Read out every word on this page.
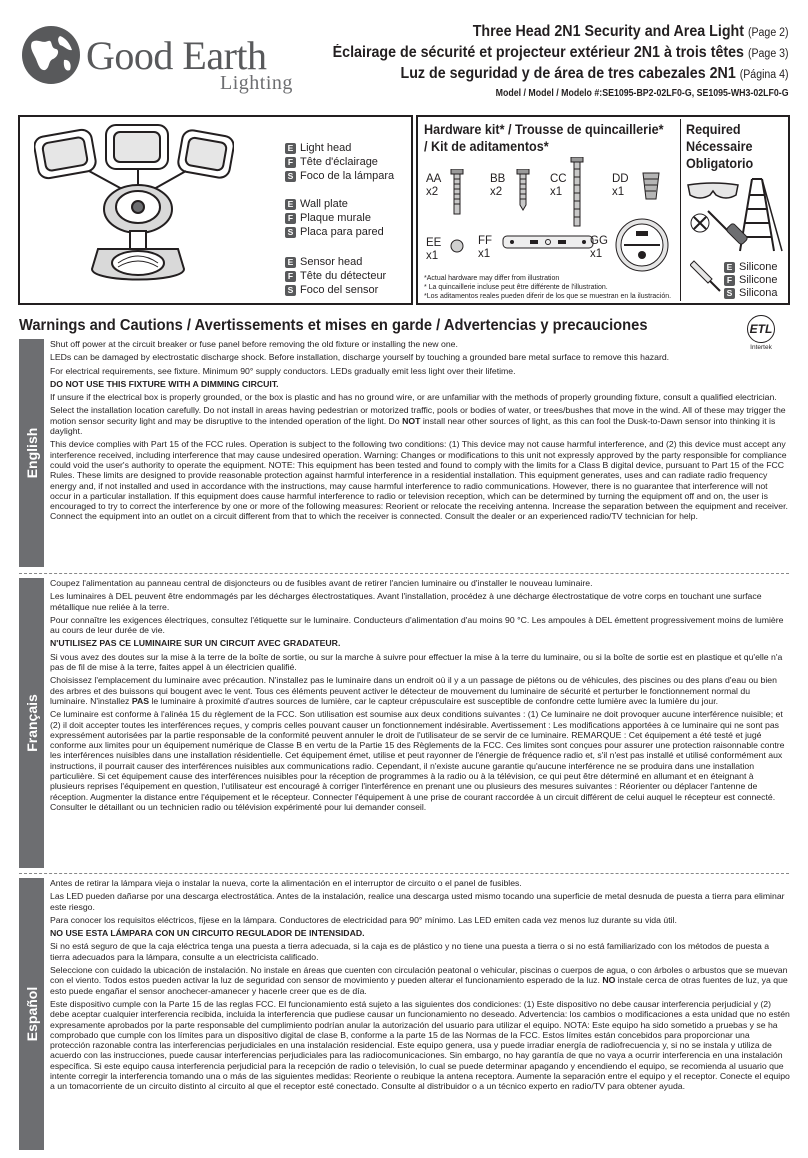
Good Earth
Lighting
Three Head 2N1 Security and Area Light (Page 2)
Éclairage de sécurité et projecteur extérieur 2N1 à trois têtes (Page 3)
Luz de seguridad y de área de tres cabezales 2N1 (Página 4)
Model / Model / Modelo #:SE1095-BP2-02LF0-G, SE1095-WH3-02LF0-G
E Light head
F Tête d'éclairage
S Foco de la lámpara
E Wall plate
F Plaque murale
S Placa para pared
E Sensor head
F Tête du détecteur
S Foco del sensor
Hardware kit* / Trousse de quincaillerie*
/ Kit de aditamentos*
AA
x2
BB
x2
CC
x1
DD
x1
EE
x1
FF
x1
GG
x1
*Actual hardware may differ from illustration
* La quincaillerie incluse peut être différente de l'illustration.
*Los aditamentos reales pueden diferir de los que se muestran en la ilustración.
Required
Nécessaire
Obligatorio
E Silicone
F Silicone
S Silicona
Warnings and Cautions / Avertissements et mises en garde / Advertencias y precauciones	ETL
Intertek
English

Shut off power at the circuit breaker or fuse panel before removing the old fixture or installing the new one.

LEDs can be damaged by electrostatic discharge shock. Before installation, discharge yourself by touching a grounded bare metal surface to remove this hazard.

For electrical requirements, see fixture. Minimum 90° supply conductors. LEDs gradually emit less light over their lifetime.

DO NOT USE THIS FIXTURE WITH A DIMMING CIRCUIT.

If unsure if the electrical box is properly grounded, or the box is plastic and has no ground wire, or are unfamiliar with the methods of properly grounding fixture, consult a qualified electrician.

Select the installation location carefully. Do not install in areas having pedestrian or motorized traffic, pools or bodies of water, or trees/bushes that move in the wind. All of these may trigger the motion sensor security light and may be disruptive to the intended operation of the light. Do NOT install near other sources of light, as this can fool the Dusk-to-Dawn sensor into thinking it is daylight.

This device complies with Part 15 of the FCC rules. Operation is subject to the following two conditions: (1) This device may not cause harmful interference, and (2) this device must accept any interference received, including interference that may cause undesired operation. Warning: Changes or modifications to this unit not expressly approved by the party responsible for compliance could void the user's authority to operate the equipment. NOTE: This equipment has been tested and found to comply with the limits for a Class B digital device, pursuant to Part 15 of the FCC Rules. These limits are designed to provide reasonable protection against harmful interference in a residential installation. This equipment generates, uses and can radiate radio frequency energy and, if not installed and used in accordance with the instructions, may cause harmful interference to radio communications. However, there is no guarantee that interference will not occur in a particular installation. If this equipment does cause harmful interference to radio or television reception, which can be determined by turning the equipment off and on, the user is encouraged to try to correct the interference by one or more of the following measures: Reorient or relocate the receiving antenna. Increase the separation between the equipment and receiver. Connect the equipment into an outlet on a circuit different from that to which the receiver is connected. Consult the dealer or an experienced radio/TV technician for help.

Français

Coupez l'alimentation au panneau central de disjoncteurs ou de fusibles avant de retirer l'ancien luminaire ou d'installer le nouveau luminaire.

Les luminaires à DEL peuvent être endommagés par les décharges électrostatiques. Avant l'installation, procédez à une décharge électrostatique de votre corps en touchant une surface métallique nue reliée à la terre.

Pour connaître les exigences électriques, consultez l'étiquette sur le luminaire. Conducteurs d'alimentation d'au moins 90 °C. Les ampoules à DEL émettent progressivement moins de lumière au cours de leur durée de vie.

N'UTILISEZ PAS CE LUMINAIRE SUR UN CIRCUIT AVEC GRADATEUR.

Si vous avez des doutes sur la mise à la terre de la boîte de sortie, ou sur la marche à suivre pour effectuer la mise à la terre du luminaire, ou si la boîte de sortie est en plastique et qu'elle n'a pas de fil de mise à la terre, faites appel à un électricien qualifié.

Choisissez l'emplacement du luminaire avec précaution. N'installez pas le luminaire dans un endroit où il y a un passage de piétons ou de véhicules, des piscines ou des plans d'eau ou bien des arbres et des buissons qui bougent avec le vent. Tous ces éléments peuvent activer le détecteur de mouvement du luminaire de sécurité et perturber le fonctionnement normal du luminaire. N'installez PAS le luminaire à proximité d'autres sources de lumière, car le capteur crépusculaire est susceptible de confondre cette lumière avec la lumière du jour.

Ce luminaire est conforme à l'alinéa 15 du règlement de la FCC. Son utilisation est soumise aux deux conditions suivantes : (1) Ce luminaire ne doit provoquer aucune interférence nuisible; et (2) il doit accepter toutes les interférences reçues, y compris celles pouvant causer un fonctionnement indésirable. Avertissement : Les modifications apportées à ce luminaire qui ne sont pas expressément autorisées par la partie responsable de la conformité peuvent annuler le droit de l'utilisateur de se servir de ce luminaire. REMARQUE : Cet équipement a été testé et jugé conforme aux limites pour un équipement numérique de Classe B en vertu de la Partie 15 des Règlements de la FCC. Ces limites sont conçues pour assurer une protection raisonnable contre les interférences nuisibles dans une installation résidentielle. Cet équipement émet, utilise et peut rayonner de l'énergie de fréquence radio et, s'il n'est pas installé et utilisé conformément aux instructions, il pourrait causer des interférences nuisibles aux communications radio. Cependant, il n'existe aucune garantie qu'aucune interférence ne se produira dans une installation particulière. Si cet équipement cause des interférences nuisibles pour la réception de programmes à la radio ou à la télévision, ce qui peut être déterminé en allumant et en éteignant à plusieurs reprises l'équipement en question, l'utilisateur est encouragé à corriger l'interférence en prenant une ou plusieurs des mesures suivantes : Réorienter ou déplacer l'antenne de réception. Augmenter la distance entre l'équipement et le récepteur. Connecter l'équipement à une prise de courant raccordée à un circuit différent de celui auquel le récepteur est connecté. Consulter le détaillant ou un technicien radio ou télévision expérimenté pour lui demander conseil.

Español

Antes de retirar la lámpara vieja o instalar la nueva, corte la alimentación en el interruptor de circuito o el panel de fusibles.

Las LED pueden dañarse por una descarga electrostática. Antes de la instalación, realice una descarga usted mismo tocando una superficie de metal desnuda de puesta a tierra para eliminar este riesgo.

Para conocer los requisitos eléctricos, fíjese en la lámpara. Conductores de electricidad para 90° mínimo. Las LED emiten cada vez menos luz durante su vida útil.

NO USE ESTA LÁMPARA CON UN CIRCUITO REGULADOR DE INTENSIDAD.

Si no está seguro de que la caja eléctrica tenga una puesta a tierra adecuada, si la caja es de plástico y no tiene una puesta a tierra o si no está familiarizado con los métodos de puesta a tierra adecuados para la lámpara, consulte a un electricista calificado.

Seleccione con cuidado la ubicación de instalación. No instale en áreas que cuenten con circulación peatonal o vehicular, piscinas o cuerpos de agua, o con árboles o arbustos que se muevan con el viento. Todos estos pueden activar la luz de seguridad con sensor de movimiento y pueden alterar el funcionamiento esperado de la luz. NO instale cerca de otras fuentes de luz, ya que esto puede engañar el sensor anochecer-amanecer y hacerle creer que es de día.

Este dispositivo cumple con la Parte 15 de las reglas FCC. El funcionamiento está sujeto a las siguientes dos condiciones: (1) Este dispositivo no debe causar interferencia perjudicial y (2) debe aceptar cualquier interferencia recibida, incluida la interferencia que pudiese causar un funcionamiento no deseado. Advertencia: los cambios o modificaciones a esta unidad que no estén expresamente aprobados por la parte responsable del cumplimiento podrían anular la autorización del usuario para utilizar el equipo. NOTA: Este equipo ha sido sometido a pruebas y se ha comprobado que cumple con los límites para un dispositivo digital de clase B, conforme a la parte 15 de las Normas de la FCC. Estos límites están concebidos para proporcionar una protección razonable contra las interferencias perjudiciales en una instalación residencial. Este equipo genera, usa y puede irradiar energía de radiofrecuencia y, si no se instala y utiliza de acuerdo con las instrucciones, puede causar interferencias perjudiciales para las radiocomunicaciones. Sin embargo, no hay garantía de que no vaya a ocurrir interferencia en una instalación específica. Si este equipo causa interferencia perjudicial para la recepción de radio o televisión, lo cual se puede determinar apagando y encendiendo el equipo, se recomienda al usuario que intente corregir la interferencia tomando una o más de las siguientes medidas: Reoriente o reubique la antena receptora. Aumente la separación entre el equipo y el receptor. Conecte el equipo a un tomacorriente de un circuito distinto al circuito al que el receptor esté conectado. Consulte al distribuidor o a un técnico experto en radio/TV para obtener ayuda.
